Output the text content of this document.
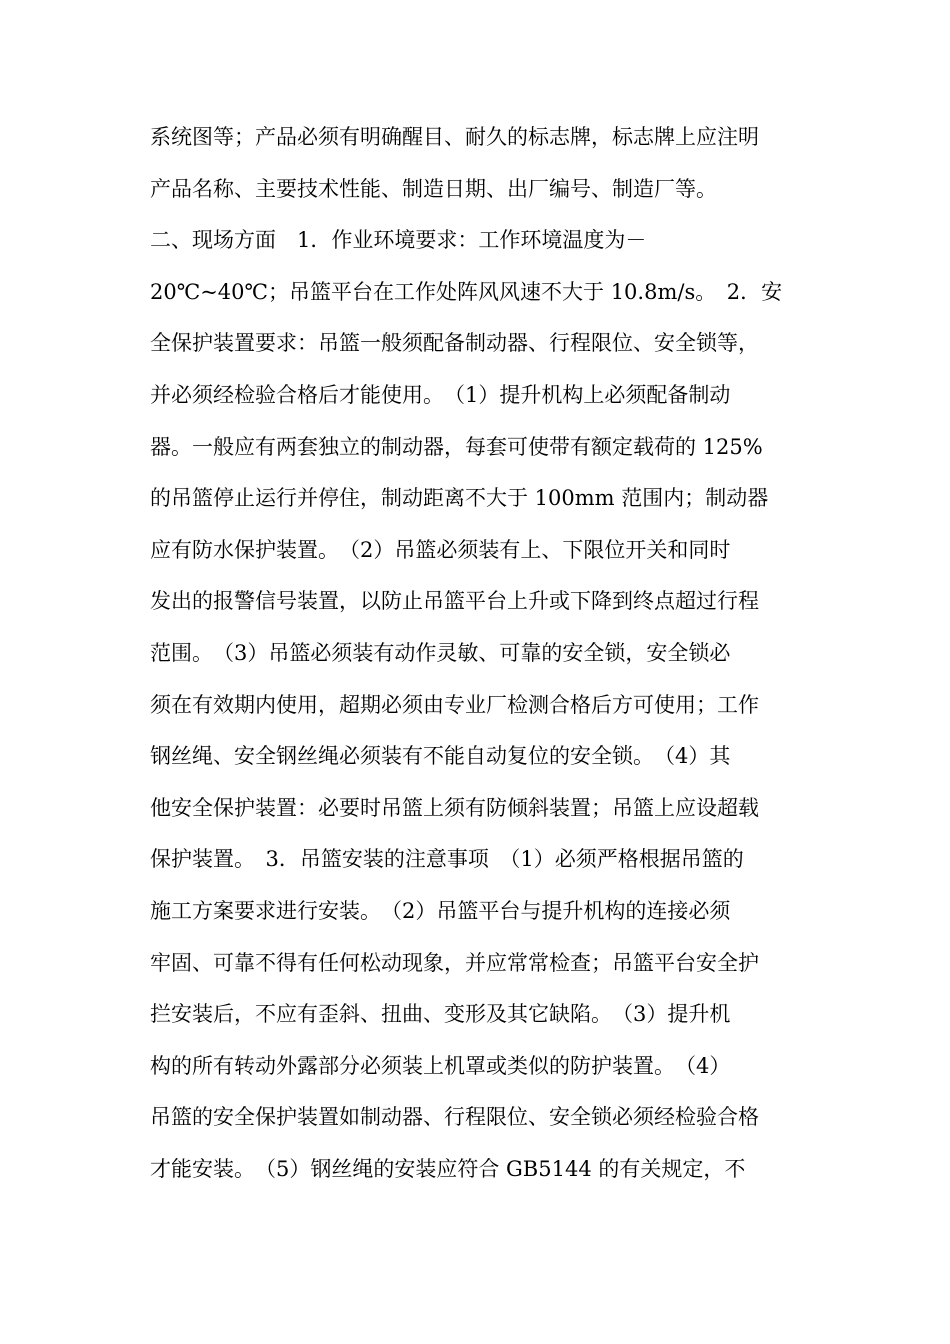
系统图等；产品必须有明确醒目、耐久的标志牌，标志牌上应注明
产品名称、主要技术性能、制造日期、出厂编号、制造厂等。
二、现场方面　1．作业环境要求：工作环境温度为－
20℃~40℃；吊篮平台在工作处阵风风速不大于 10.8m/s。　2．安
全保护装置要求：吊篮一般须配备制动器、行程限位、安全锁等，
并必须经检验合格后才能使用。　（1）提升机构上必须配备制动
器。一般应有两套独立的制动器，每套可使带有额定载荷的 125%
的吊篮停止运行并停住，制动距离不大于 100mm 范围内；制动器
应有防水保护装置。　（2）吊篮必须装有上、下限位开关和同时
发出的报警信号装置，以防止吊篮平台上升或下降到终点超过行程
范围。　（3）吊篮必须装有动作灵敏、可靠的安全锁，安全锁必
须在有效期内使用，超期必须由专业厂检测合格后方可使用；工作
钢丝绳、安全钢丝绳必须装有不能自动复位的安全锁。　（4）其
他安全保护装置：必要时吊篮上须有防倾斜装置；吊篮上应设超载
保护装置。　3．吊篮安装的注意事项　（1）必须严格根据吊篮的
施工方案要求进行安装。　（2）吊篮平台与提升机构的连接必须
牢固、可靠不得有任何松动现象，并应常常检查；吊篮平台安全护
拦安装后，不应有歪斜、扭曲、变形及其它缺陷。　（3）提升机
构的所有转动外露部分必须装上机罩或类似的防护装置。　（4）
吊篮的安全保护装置如制动器、行程限位、安全锁必须经检验合格
才能安装。　（5）钢丝绳的安装应符合 GB5144 的有关规定，不
